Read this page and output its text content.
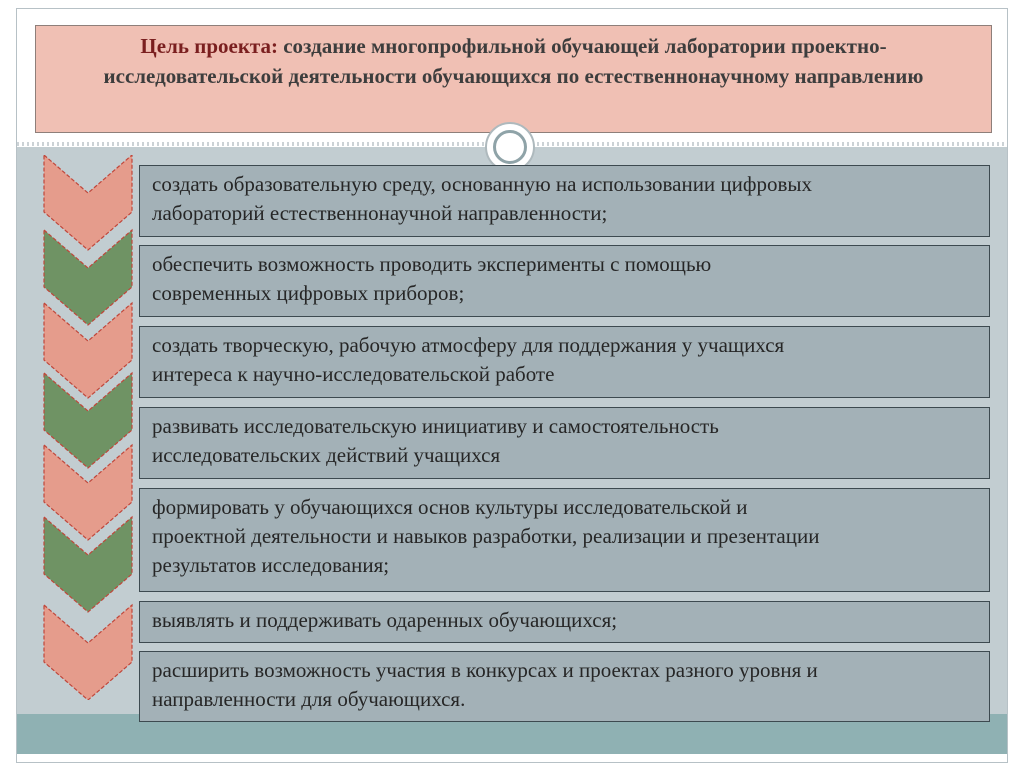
Цель проекта: создание многопрофильной обучающей лаборатории проектно-исследовательской деятельности обучающихся по естественнонаучному направлению
создать образовательную среду, основанную на использовании цифровых
лабораторий естественнонаучной направленности;
обеспечить возможность проводить эксперименты с помощью
современных цифровых приборов;
создать творческую, рабочую атмосферу для поддержания у учащихся
интереса к научно-исследовательской работе
развивать исследовательскую инициативу и самостоятельность
исследовательских действий учащихся
формировать у обучающихся основ культуры исследовательской и
проектной деятельности и навыков разработки, реализации и презентации
результатов исследования;
выявлять и поддерживать одаренных обучающихся;
расширить возможность участия в конкурсах и проектах разного уровня и
направленности для обучающихся.
